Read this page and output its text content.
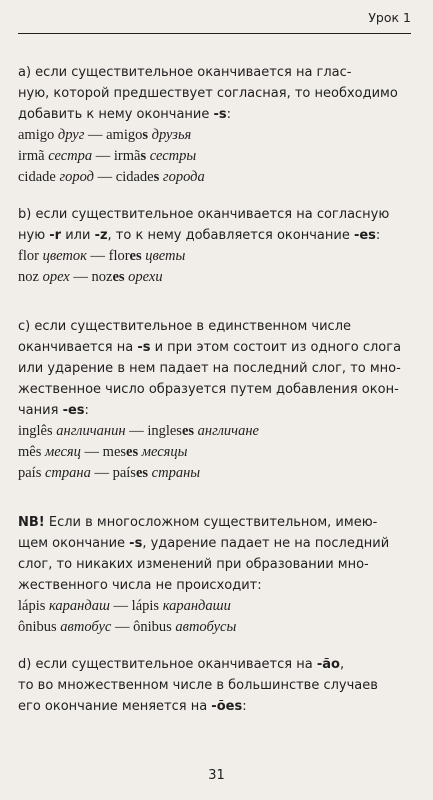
Урок 1
a) если существительное оканчивается на глас-
ную, которой предшествует согласная, то необходимо
добавить к нему окончание -s:
amigo друг — amigos друзья
irmã сестра — irmãs сестры
cidade город — cidades города
b) если существительное оканчивается на согласную
ную -r или -z, то к нему добавляется окончание -es:
flor цветок — flores цветы
noz орех — nozes орехи
c) если существительное в единственном числе
оканчивается на -s и при этом состоит из одного слога
или ударение в нем падает на последний слог, то мно-
жественное число образуется путем добавления окон-
чания -es:
inglês англичанин — ingleses англичане
mês месяц — meses месяцы
país страна — países страны
NB! Если в многосложном существительном, имею-
щем окончание -s, ударение падает не на последний
слог, то никаких изменений при образовании мно-
жественного числа не происходит:
lápis карандаш — lápis карандаши
ônibus автобус — ônibus автобусы
d) если существительное оканчивается на -ão,
то во множественном числе в большинстве случаев
его окончание меняется на -ões:
31
